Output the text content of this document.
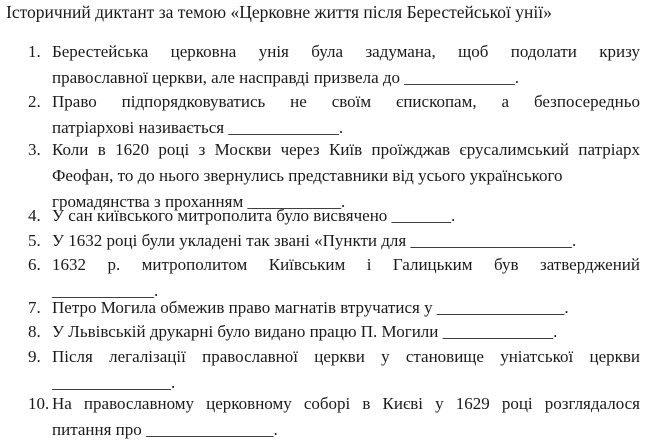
Історичний диктант за темою «Церковне життя після Берестейської унії»
1. Берестейська церковна унія була задумана, щоб подолати кризу
православної церкви, але насправді призвела до _____________.
2. Право підпорядковуватись не своїм єпископам, а безпосередньо
патріархові називається _____________.
3. Коли в 1620 році з Москви через Київ проїжджав єрусалимський патріарх
Феофан, то до нього звернулись представники від усього українського
громадянства з проханням ___________.
4. У сан київського митрополита було висвячено _______.
5. У 1632 році були укладені так звані «Пункти для ___________________.
6. 1632 р. митрополитом Київським і Галицьким був затверджений
____________.
7. Петро Могила обмежив право магнатів втручатися у _______________.
8. У Львівській друкарні було видано працю П. Могили _____________.
9. Після легалізації православної церкви у становище уніатської церкви
______________.
10. На православному церковному соборі в Києві у 1629 році розглядалося
питання про _______________.
